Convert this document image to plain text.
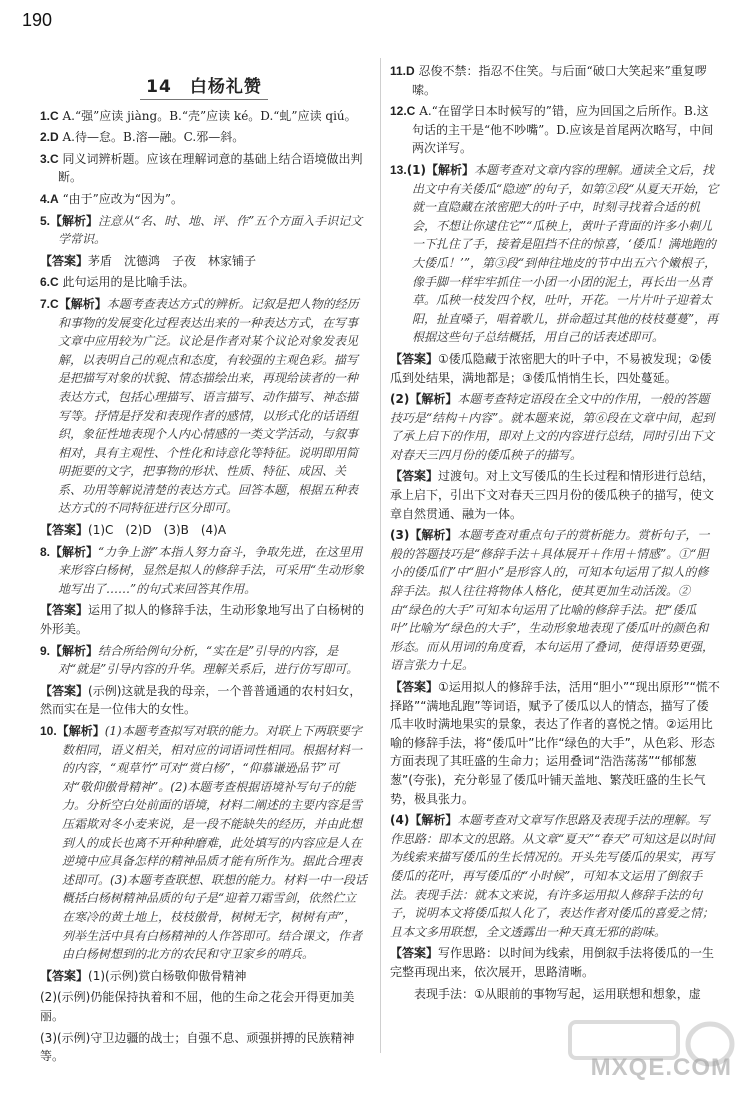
190
14　白杨礼赞
1.C A.“强”应读 jiàng。B.“壳”应读 ké。D.“虬”应读 qiú。
2.D A.待—怠。B.溶—融。C.邪—斜。
3.C 同义词辨析题。应该在理解词意的基础上结合语境做出判断。
4.A “由于”应改为“因为”。
5.【解析】注意从“名、时、地、评、作”五个方面入手识记文学常识。
【答案】茅盾　沈德鸿　子夜　林家铺子
6.C 此句运用的是比喻手法。
7.C【解析】本题考查表达方式的辨析。记叙是把人物的经历和事物的发展变化过程表达出来的一种表达方式，在写事文章中应用较为广泛。议论是作者对某个议论对象发表见解，以表明自己的观点和态度，有较强的主观色彩。描写是把描写对象的状貌、情态描绘出来，再现给读者的一种表达方式，包括心理描写、语言描写、动作描写、神态描写等。抒情是抒发和表现作者的感情，以形式化的话语组织，象征性地表现个人内心情感的一类文学活动，与叙事相对，具有主观性、个性化和诗意化等特征。说明即用简明扼要的文字，把事物的形状、性质、特征、成因、关系、功用等解说清楚的表达方式。回答本题，根据五种表达方式的不同特征进行区分即可。
【答案】(1)C　(2)D　(3)B　(4)A
8.【解析】“力争上游”本指人努力奋斗，争取先进，在这里用来形容白杨树，显然是拟人的修辞手法，可采用“生动形象地写出了……”的句式来回答其作用。
【答案】运用了拟人的修辞手法，生动形象地写出了白杨树的外形美。
9.【解析】结合所给例句分析，“实在是”引导的内容，是对“就是”引导内容的升华。理解关系后，进行仿写即可。
【答案】(示例)这就是我的母亲，一个普普通通的农村妇女，然而实在是一位伟大的女性。
10.【解析】(1)本题考查拟写对联的能力。对联上下两联要字数相同，语义相关，相对应的词语词性相同。根据材料一的内容，“观草竹”可对“赏白杨”，“仰慕谦逊品节”可对“敬仰傲骨精神”。(2)本题考查根据语境补写句子的能力。分析空白处前面的语境，材料二阐述的主要内容是雪压霜欺对冬小麦来说，是一段不能缺失的经历，并由此想到人的成长也离不开种种磨难，此处填写的内容应是人在逆境中应具备怎样的精神品质才能有所作为。据此合理表述即可。(3)本题考查联想、联想的能力。材料一中一段话概括白杨树精神品质的句子是“迎着刀霜雪剑，依然伫立在寒冷的黄土地上，枝枝傲骨，树树无字，树树有声”，列举生活中具有白杨精神的人作答即可。结合课文，作者由白杨树想到的北方的农民和守卫家乡的哨兵。
【答案】(1)(示例)赏白杨敬仰傲骨精神
(2)(示例)仍能保持执着和不屈，他的生命之花会开得更加美丽。
(3)(示例)守卫边疆的战士；自强不息、顽强拼搏的民族精神等。
11.D 忍俊不禁：指忍不住笑。与后面“破口大笑起来”重复啰嗦。
12.C A.“在留学日本时候写的”错，应为回国之后所作。B.这句话的主干是“他不吵嘴”。D.应该是首尾两次略写，中间两次详写。
13.(1)【解析】本题考查对文章内容的理解。通读全文后，找出文中有关倭瓜“隐迹”的句子，如第②段“从夏天开始，它就一直隐藏在浓密肥大的叶子中，时刻寻找着合适的机会，不想让你逮住它”“瓜秧上，黄叶子背面的许多小刺儿一下扎住了手，接着是阻挡不住的惊喜，‘倭瓜！满地跑的大倭瓜！’”，第③段“到伸往地皮的节中出五六个嫩根子，像手脚一样牢牢抓住一小团一小团的泥土，再长出一丛青草。瓜秧一枝发四个杈，吐叶，开花。一片片叶子迎着太阳，扯直嗓子，唱着歌儿，拼命超过其他的枝枝蔓蔓”，再根据这些句子总结概括，用自己的话表述即可。
【答案】①倭瓜隐藏于浓密肥大的叶子中，不易被发现；②倭瓜到处结果，满地都是；③倭瓜悄悄生长，四处蔓延。
(2)【解析】本题考查特定语段在全文中的作用，一般的答题技巧是“结构＋内容”。就本题来说，第⑥段在文章中间，起到了承上启下的作用，即对上文的内容进行总结，同时引出下文对春天三四月份的倭瓜秧子的描写。
【答案】过渡句。对上文写倭瓜的生长过程和情形进行总结，承上启下，引出下文对春天三四月份的倭瓜秧子的描写，使文章自然贯通、融为一体。
(3)【解析】本题考查对重点句子的赏析能力。赏析句子，一般的答题技巧是“修辞手法＋具体展开＋作用＋情感”。①“胆小的倭瓜们”中“胆小”是形容人的，可知本句运用了拟人的修辞手法。拟人往往将物体人格化，使其更加生动活泼。②由“绿色的大手”可知本句运用了比喻的修辞手法。把“倭瓜叶”比喻为“绿色的大手”，生动形象地表现了倭瓜叶的颜色和形态。而从用词的角度看，本句运用了叠词，使得语势更强，语言张力十足。
【答案】①运用拟人的修辞手法，活用“胆小”“现出原形”“慌不择路”“满地乱跑”等词语，赋予了倭瓜以人的情态，描写了倭瓜丰收时满地果实的景象，表达了作者的喜悦之情。②运用比喻的修辞手法，将“倭瓜叶”比作“绿色的大手”，从色彩、形态方面表现了其旺盛的生命力；运用叠词“浩浩荡荡”“郁郁葱葱”(夸张)，充分彰显了倭瓜叶铺天盖地、繁茂旺盛的生长气势，极具张力。
(4)【解析】本题考查对文章写作思路及表现手法的理解。写作思路：即本文的思路。从文章“夏天”“春天”可知这是以时间为线索来描写倭瓜的生长情况的。开头先写倭瓜的果实，再写倭瓜的花叶，再写倭瓜的“小时候”，可知本文运用了倒叙手法。表现手法：就本文来说，有许多运用拟人修辞手法的句子，说明本文将倭瓜拟人化了，表达作者对倭瓜的喜爱之情；且本文多用联想，全文透露出一种天真无邪的韵味。
【答案】写作思路：以时间为线索，用倒叙手法将倭瓜的一生完整再现出来，依次展开，思路清晰。
表现手法：①从眼前的事物写起，运用联想和想象，虚
MXQE.COM
